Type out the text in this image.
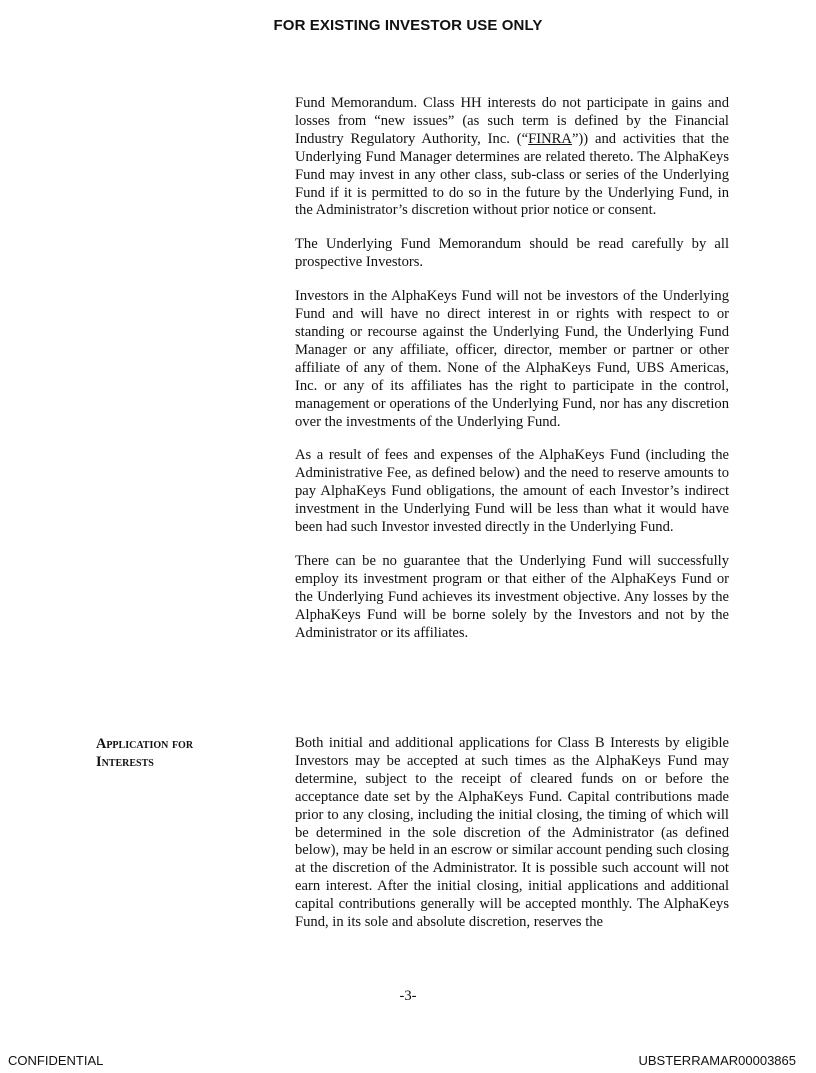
FOR EXISTING INVESTOR USE ONLY

Fund Memorandum. Class HH interests do not participate in gains and losses from “new issues” (as such term is defined by the Financial Industry Regulatory Authority, Inc. (“FINRA”)) and activities that the Underlying Fund Manager determines are related thereto. The AlphaKeys Fund may invest in any other class, sub-class or series of the Underlying Fund if it is permitted to do so in the future by the Underlying Fund, in the Administrator’s discretion without prior notice or consent.

The Underlying Fund Memorandum should be read carefully by all prospective Investors.

Investors in the AlphaKeys Fund will not be investors of the Underlying Fund and will have no direct interest in or rights with respect to or standing or recourse against the Underlying Fund, the Underlying Fund Manager or any affiliate, officer, director, member or partner or other affiliate of any of them. None of the AlphaKeys Fund, UBS Americas, Inc. or any of its affiliates has the right to participate in the control, management or operations of the Underlying Fund, nor has any discretion over the investments of the Underlying Fund.

As a result of fees and expenses of the AlphaKeys Fund (including the Administrative Fee, as defined below) and the need to reserve amounts to pay AlphaKeys Fund obligations, the amount of each Investor’s indirect investment in the Underlying Fund will be less than what it would have been had such Investor invested directly in the Underlying Fund.

There can be no guarantee that the Underlying Fund will successfully employ its investment program or that either of the AlphaKeys Fund or the Underlying Fund achieves its investment objective. Any losses by the AlphaKeys Fund will be borne solely by the Investors and not by the Administrator or its affiliates.

Application for
Interests

Both initial and additional applications for Class B Interests by eligible Investors may be accepted at such times as the AlphaKeys Fund may determine, subject to the receipt of cleared funds on or before the acceptance date set by the AlphaKeys Fund. Capital contributions made prior to any closing, including the initial closing, the timing of which will be determined in the sole discretion of the Administrator (as defined below), may be held in an escrow or similar account pending such closing at the discretion of the Administrator. It is possible such account will not earn interest. After the initial closing, initial applications and additional capital contributions generally will be accepted monthly. The AlphaKeys Fund, in its sole and absolute discretion, reserves the

-3-
CONFIDENTIAL	UBSTERRAMAR00003865
